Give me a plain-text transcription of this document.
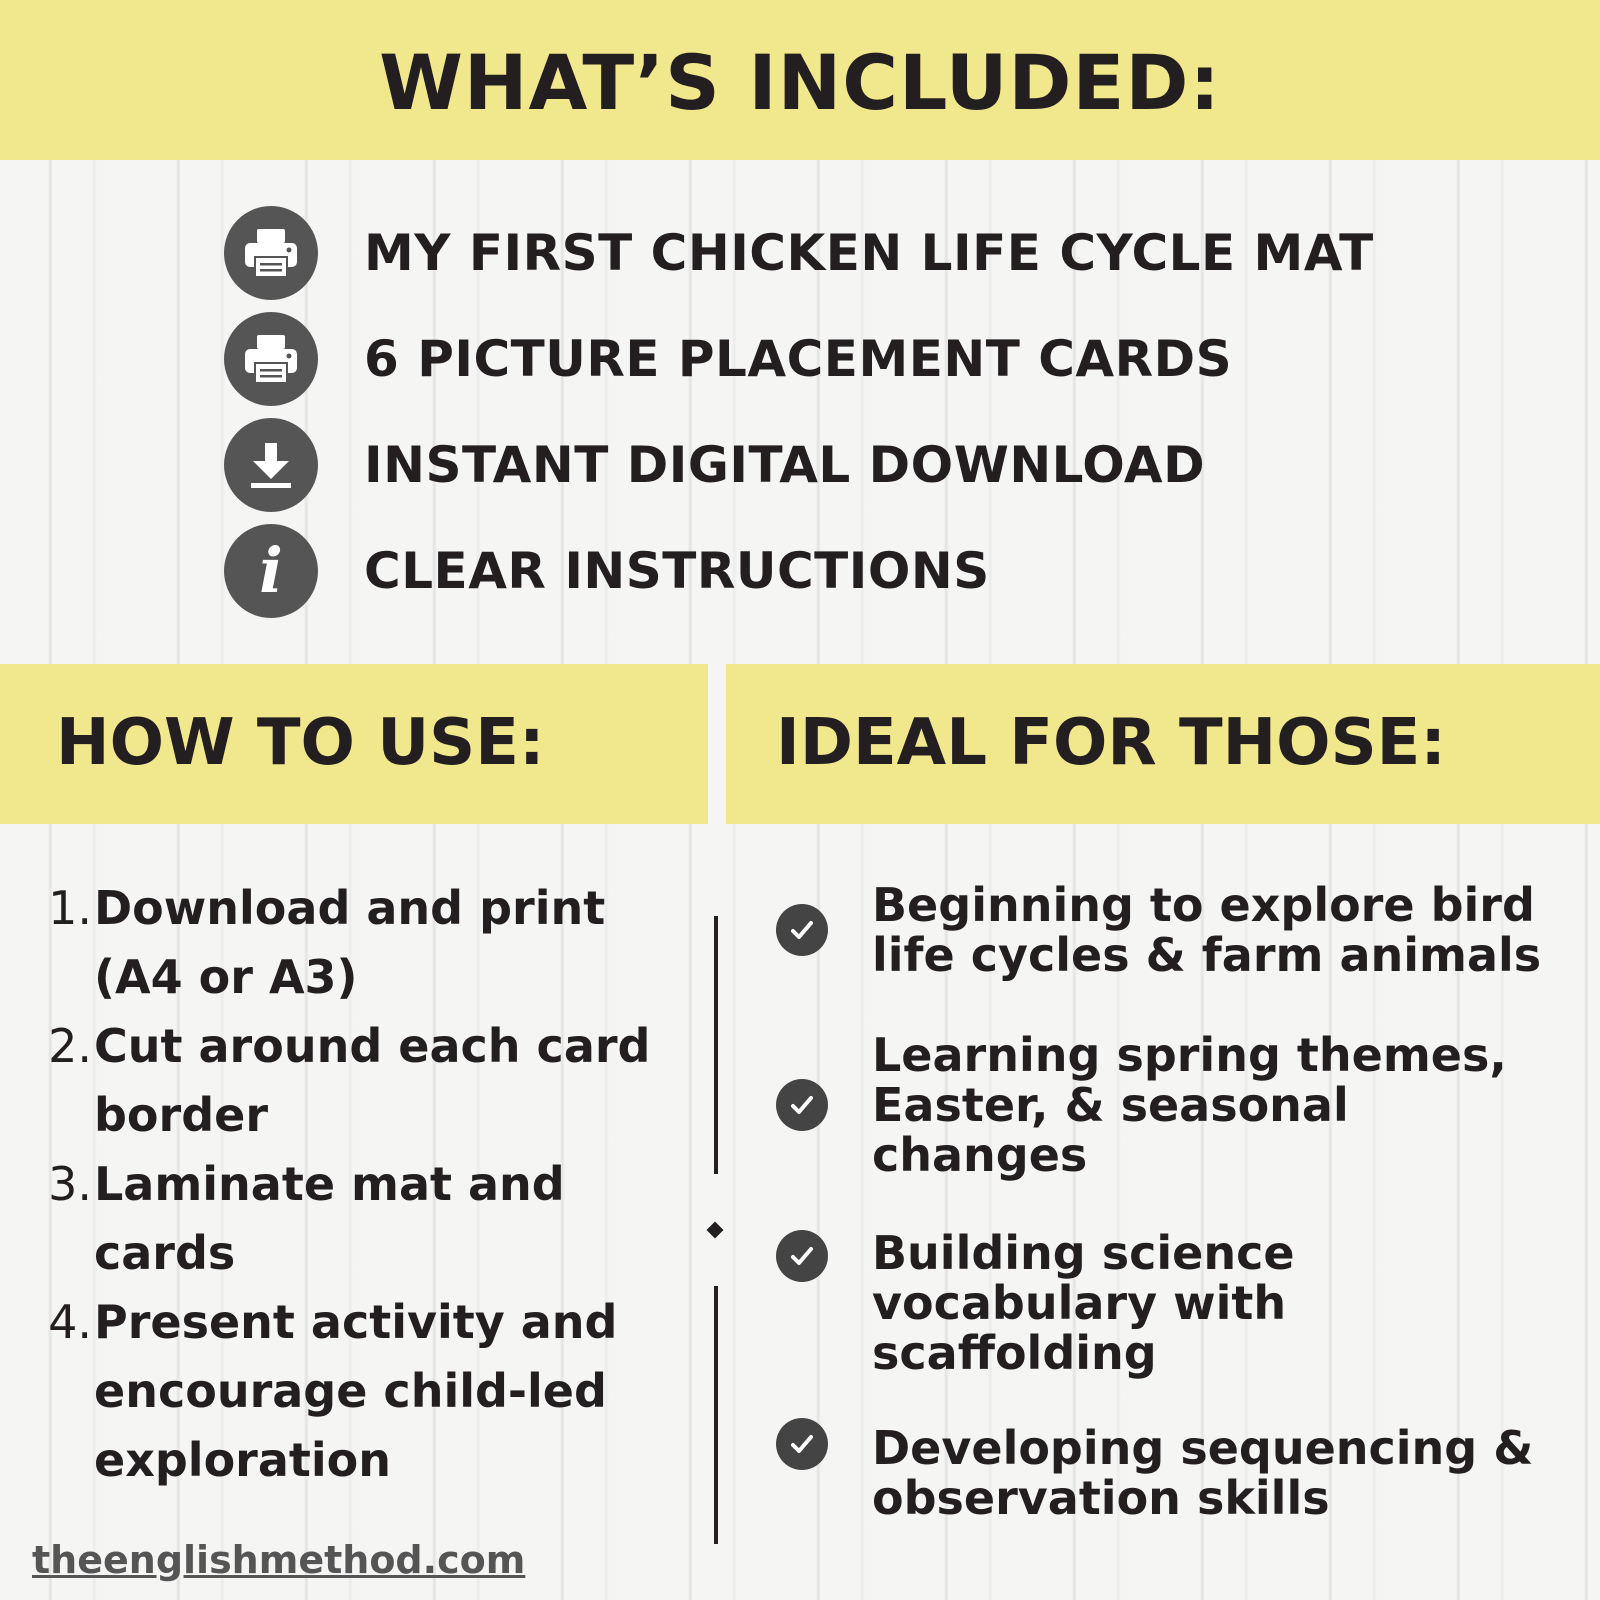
WHAT’S INCLUDED:
MY FIRST CHICKEN LIFE CYCLE MAT
6 PICTURE PLACEMENT CARDS
INSTANT DIGITAL DOWNLOAD
i CLEAR INSTRUCTIONS
HOW TO USE:	IDEAL FOR THOSE:
1. Download and print (A4 or A3)
2. Cut around each card border
3. Laminate mat and cards
4. Present activity and encourage child-led exploration
Beginning to explore bird life cycles & farm animals
Learning spring themes, Easter, & seasonal changes
Building science vocabulary with scaffolding
Developing sequencing & observation skills
theenglishmethod.com
